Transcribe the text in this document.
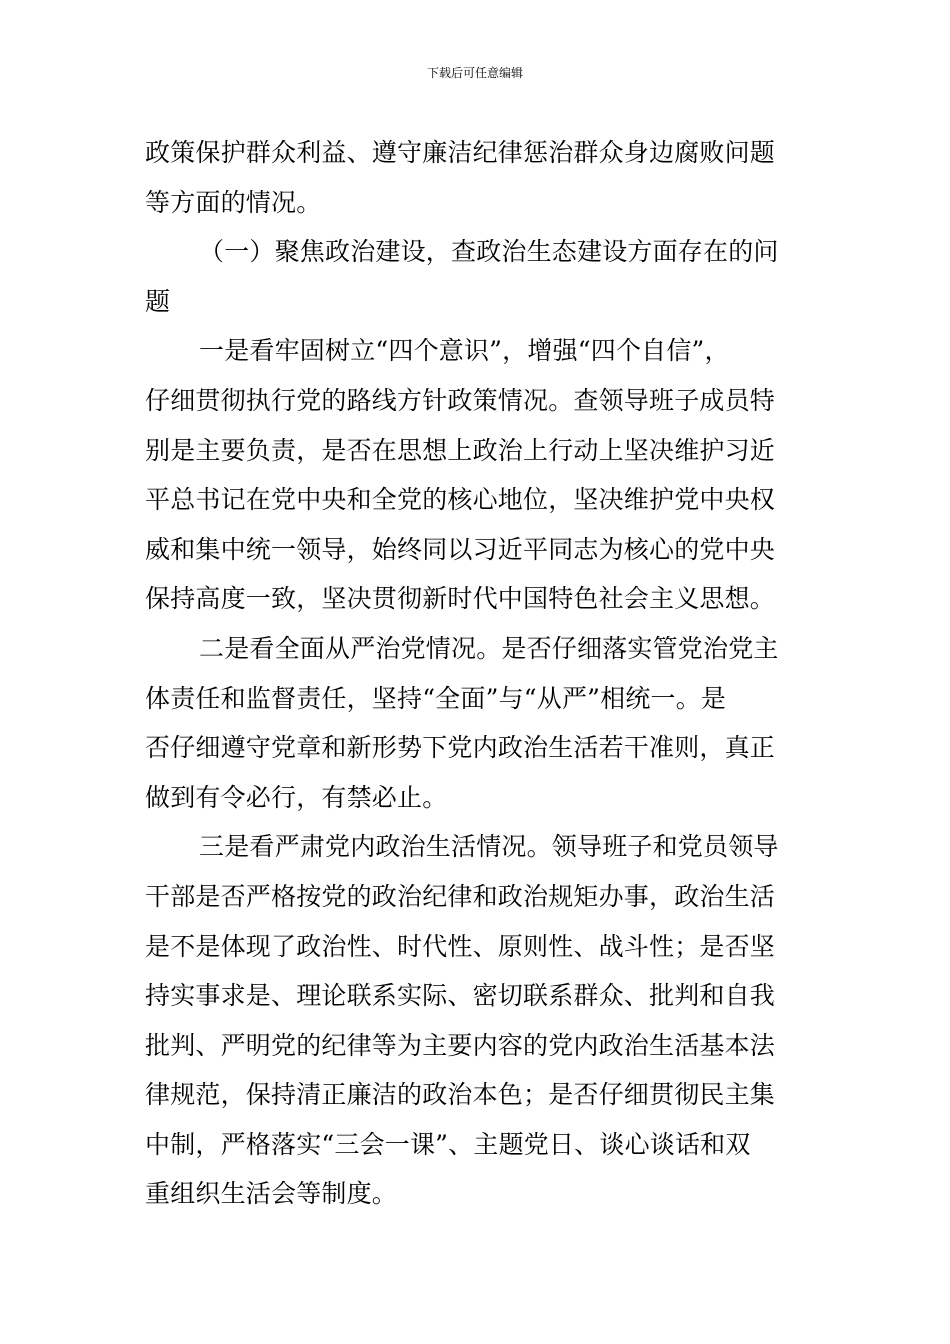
下载后可任意编辑
政策保护群众利益、遵守廉洁纪律惩治群众身边腐败问题
等方面的情况。
（一）聚焦政治建设，查政治生态建设方面存在的问
题
一是看牢固树立“四个意识”，增强“四个自信”，
仔细贯彻执行党的路线方针政策情况。查领导班子成员特
别是主要负责，是否在思想上政治上行动上坚决维护习近
平总书记在党中央和全党的核心地位，坚决维护党中央权
威和集中统一领导，始终同以习近平同志为核心的党中央
保持高度一致，坚决贯彻新时代中国特色社会主义思想。
二是看全面从严治党情况。是否仔细落实管党治党主
体责任和监督责任，坚持“全面”与“从严”相统一。是
否仔细遵守党章和新形势下党内政治生活若干准则，真正
做到有令必行，有禁必止。
三是看严肃党内政治生活情况。领导班子和党员领导
干部是否严格按党的政治纪律和政治规矩办事，政治生活
是不是体现了政治性、时代性、原则性、战斗性；是否坚
持实事求是、理论联系实际、密切联系群众、批判和自我
批判、严明党的纪律等为主要内容的党内政治生活基本法
律规范，保持清正廉洁的政治本色；是否仔细贯彻民主集
中制，严格落实“三会一课”、主题党日、谈心谈话和双
重组织生活会等制度。
